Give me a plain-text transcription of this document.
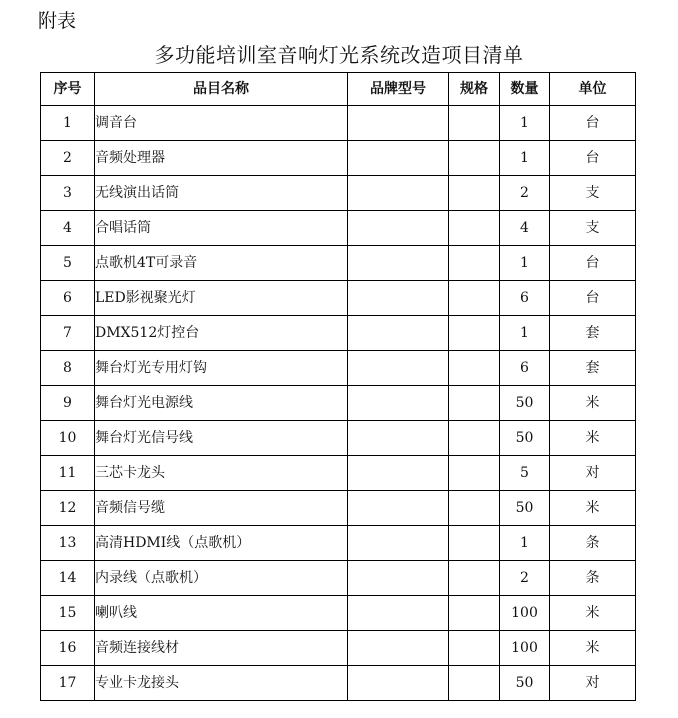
附表
多功能培训室音响灯光系统改造项目清单
序号	品目名称	品牌型号	规格	数量	单位
1	调音台			1	台
2	音频处理器			1	台
3	无线演出话筒			2	支
4	合唱话筒			4	支
5	点歌机4T可录音			1	台
6	LED影视聚光灯			6	台
7	DMX512灯控台			1	套
8	舞台灯光专用灯钩			6	套
9	舞台灯光电源线			50	米
10	舞台灯光信号线			50	米
11	三芯卡龙头			5	对
12	音频信号缆			50	米
13	高清HDMI线（点歌机）			1	条
14	内录线（点歌机）			2	条
15	喇叭线			100	米
16	音频连接线材			100	米
17	专业卡龙接头			50	对
